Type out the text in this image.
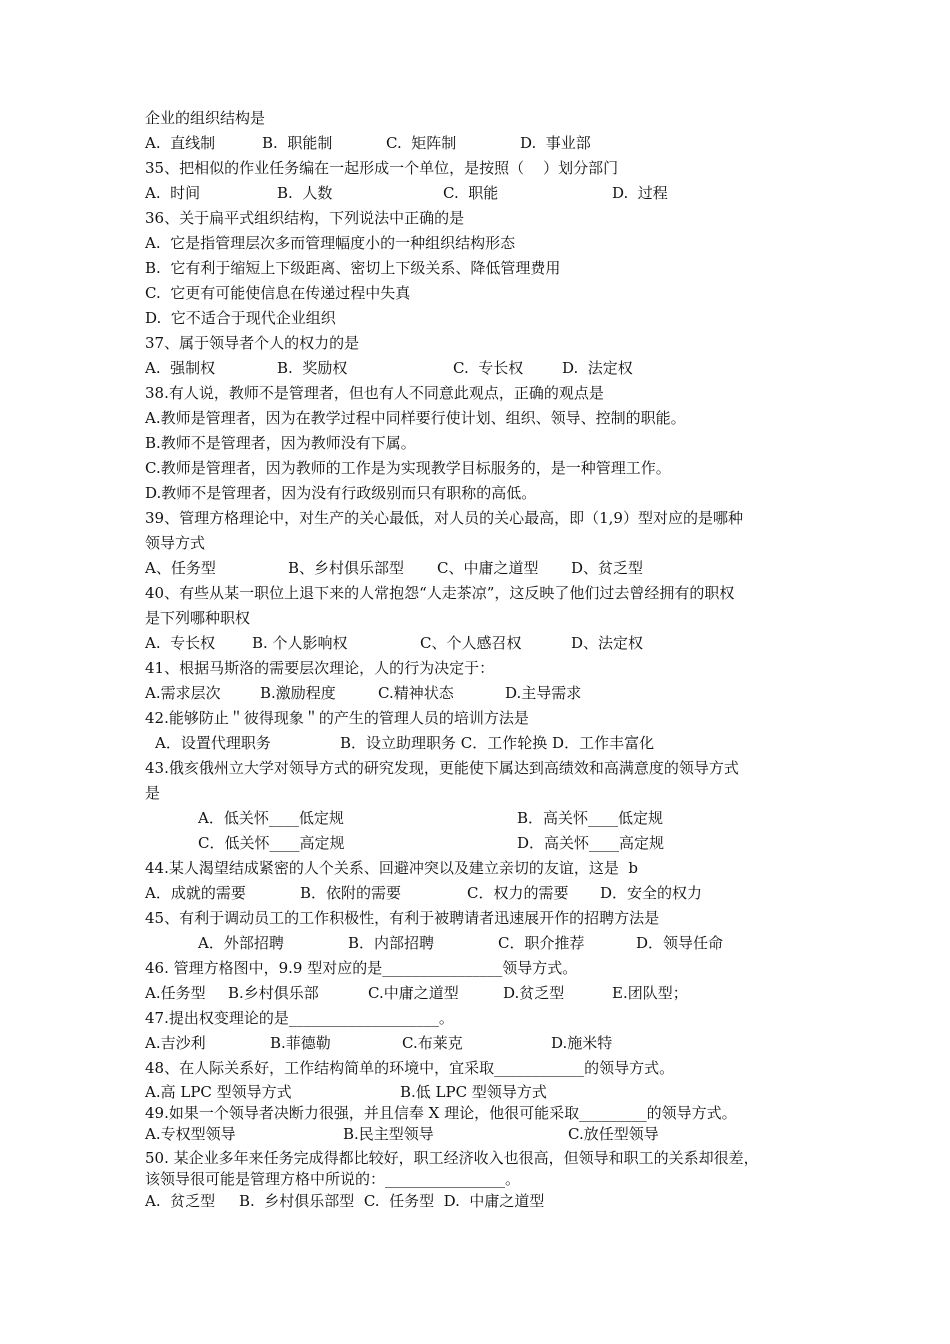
企业的组织结构是
A.  直线制	B.  职能制	C.  矩阵制	D.  事业部
35、把相似的作业任务编在一起形成一个单位，是按照（    ）划分部门
A.  时间	B.  人数	C.  职能	D.  过程
36、关于扁平式组织结构，下列说法中正确的是
A.  它是指管理层次多而管理幅度小的一种组织结构形态
B.  它有利于缩短上下级距离、密切上下级关系、降低管理费用
C.  它更有可能使信息在传递过程中失真
D.  它不适合于现代企业组织
37、属于领导者个人的权力的是
A.  强制权	B.  奖励权	C.  专长权	D.  法定权
38.有人说，教师不是管理者，但也有人不同意此观点，正确的观点是
A.教师是管理者，因为在教学过程中同样要行使计划、组织、领导、控制的职能。
B.教师不是管理者，因为教师没有下属。
C.教师是管理者，因为教师的工作是为实现教学目标服务的，是一种管理工作。
D.教师不是管理者，因为没有行政级别而只有职称的高低。
39、管理方格理论中，对生产的关心最低，对人员的关心最高，即（1,9）型对应的是哪种
领导方式
A、任务型	B、乡村俱乐部型 C、中庸之道型 D、贫乏型
40、有些从某一职位上退下来的人常抱怨“人走茶凉”，这反映了他们过去曾经拥有的职权
是下列哪种职权
A.  专长权 B. 个人影响权	C、个人感召权	D、法定权
41、根据马斯洛的需要层次理论，人的行为决定于：
A.需求层次	B.激励程度	C.精神状态	D.主导需求
42.能够防止＂彼得现象＂的产生的管理人员的培训方法是
A．设置代理职务	B．设立助理职务 C．工作轮换 D．工作丰富化
43.俄亥俄州立大学对领导方式的研究发现，更能使下属达到高绩效和高满意度的领导方式
是
A．低关怀____低定规	B．高关怀____低定规
C．低关怀____高定规	D．高关怀____高定规
44.某人渴望结成紧密的人个关系、回避冲突以及建立亲切的友谊，这是  b
A．成就的需要	B．依附的需要	C．权力的需要 D．安全的权力
45、有利于调动员工的工作积极性，有利于被聘请者迅速展开作的招聘方法是
A．外部招聘	B．内部招聘	C．职介推荐	D．领导任命
46. 管理方格图中，9.9 型对应的是________________领导方式。
A.任务型 B.乡村俱乐部	C.中庸之道型	D.贫乏型	E.团队型；
47.提出权变理论的是____________________。
A.吉沙利	B.菲德勒	C.布莱克	D.施米特
48、在人际关系好，工作结构简单的环境中，宜采取____________的领导方式。
A.高 LPC 型领导方式	B.低 LPC 型领导方式
49.如果一个领导者决断力很强，并且信奉 X 理论，他很可能采取_________的领导方式。
A.专权型领导	B.民主型领导	C.放任型领导
50. 某企业多年来任务完成得都比较好，职工经济收入也很高，但领导和职工的关系却很差，
该领导很可能是管理方格中所说的：________________。
A.  贫乏型     B.  乡村俱乐部型  C.  任务型  D.  中庸之道型
